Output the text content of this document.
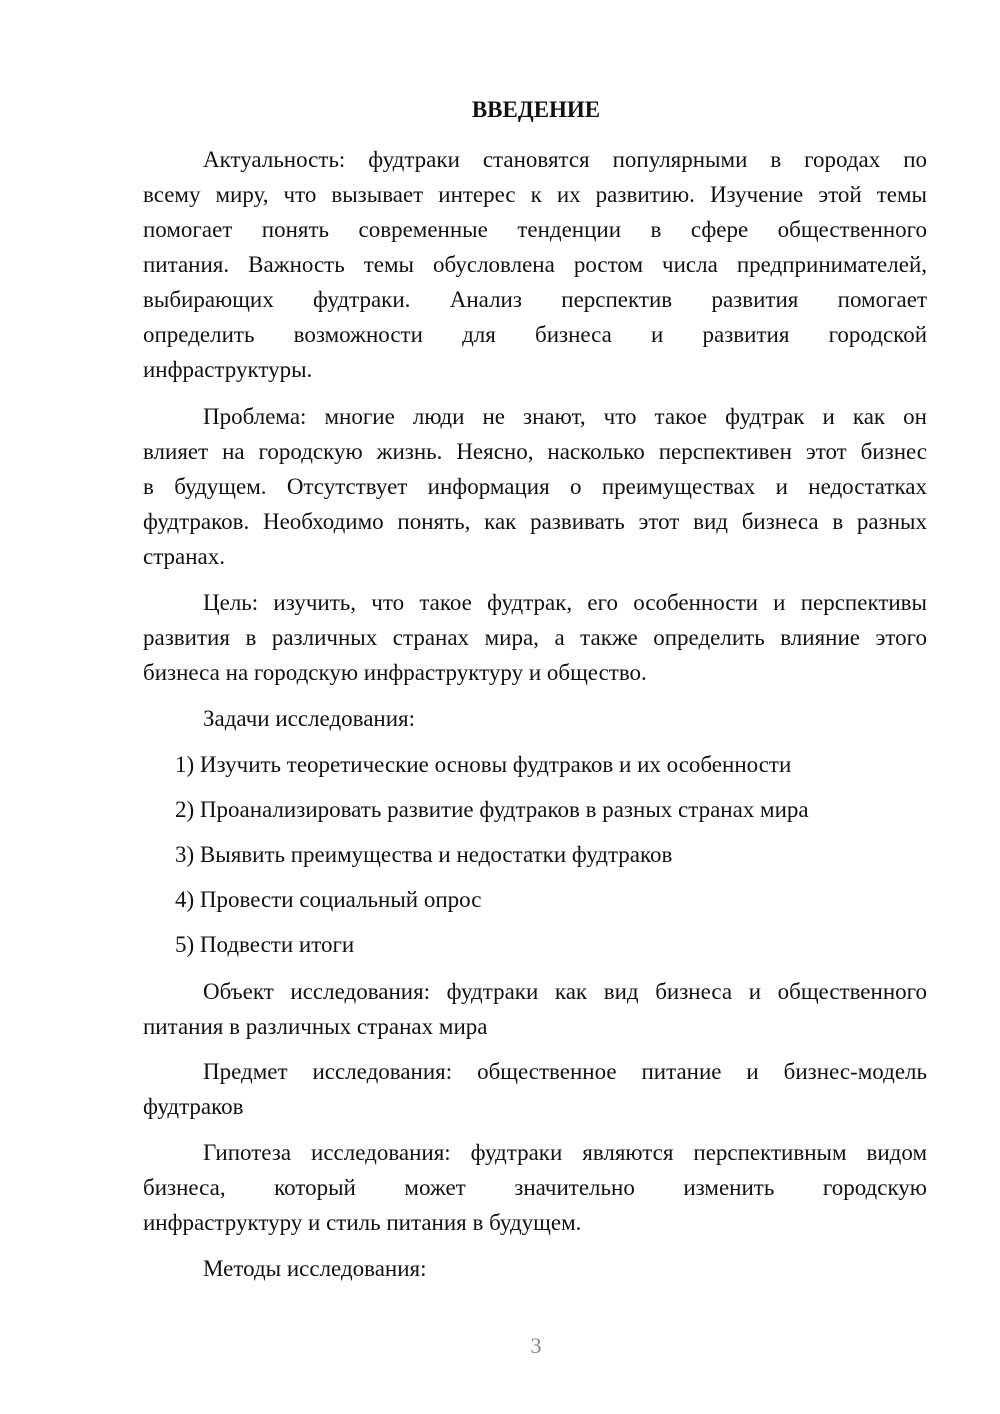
ВВЕДЕНИЕ
Актуальность: фудтраки становятся популярными в городах по
всему миру, что вызывает интерес к их развитию. Изучение этой темы
помогает понять современные тенденции в сфере общественного
питания. Важность темы обусловлена ростом числа предпринимателей,
выбирающих фудтраки. Анализ перспектив развития помогает
определить возможности для бизнеса и развития городской
инфраструктуры.
Проблема: многие люди не знают, что такое фудтрак и как он
влияет на городскую жизнь. Неясно, насколько перспективен этот бизнес
в будущем. Отсутствует информация о преимуществах и недостатках
фудтраков. Необходимо понять, как развивать этот вид бизнеса в разных
странах.
Цель: изучить, что такое фудтрак, его особенности и перспективы
развития в различных странах мира, а также определить влияние этого
бизнеса на городскую инфраструктуру и общество.
Задачи исследования:
1) Изучить теоретические основы фудтраков и их особенности
2) Проанализировать развитие фудтраков в разных странах мира
3) Выявить преимущества и недостатки фудтраков
4) Провести социальный опрос
5) Подвести итоги
Объект исследования: фудтраки как вид бизнеса и общественного
питания в различных странах мира
Предмет исследования: общественное питание и бизнес-модель
фудтраков
Гипотеза исследования: фудтраки являются перспективным видом
бизнеса, который может значительно изменить городскую
инфраструктуру и стиль питания в будущем.
Методы исследования:
3
